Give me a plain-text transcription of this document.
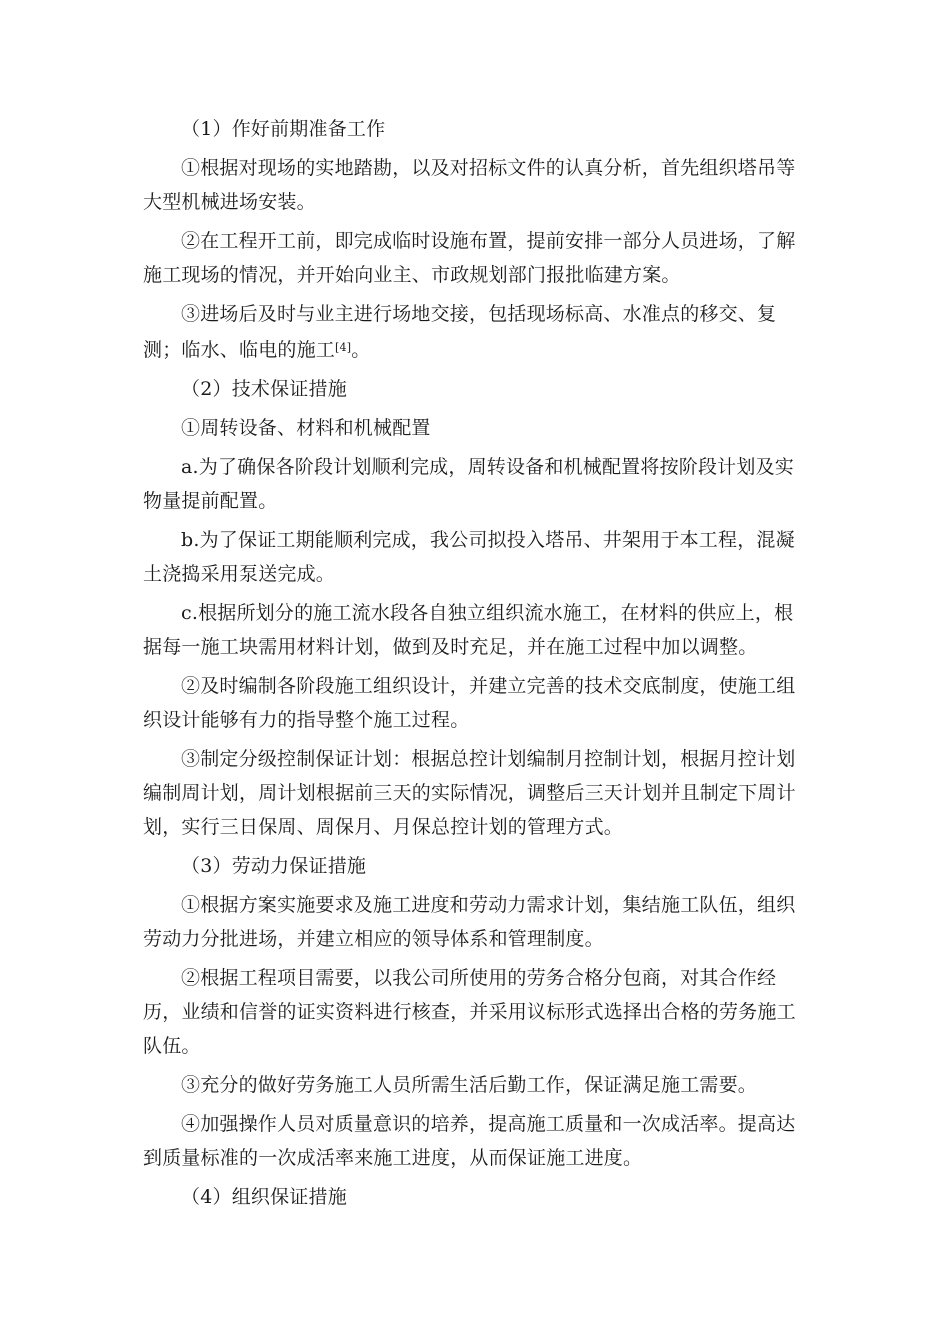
（1）作好前期准备工作

①根据对现场的实地踏勘，以及对招标文件的认真分析，首先组织塔吊等
大型机械进场安装。

②在工程开工前，即完成临时设施布置，提前安排一部分人员进场，了解
施工现场的情况，并开始向业主、市政规划部门报批临建方案。

③进场后及时与业主进行场地交接，包括现场标高、水准点的移交、复
测；临水、临电的施工[4]。

（2）技术保证措施

①周转设备、材料和机械配置

a.为了确保各阶段计划顺利完成，周转设备和机械配置将按阶段计划及实
物量提前配置。

b.为了保证工期能顺利完成，我公司拟投入塔吊、井架用于本工程，混凝
土浇捣采用泵送完成。

c.根据所划分的施工流水段各自独立组织流水施工，在材料的供应上，根
据每一施工块需用材料计划，做到及时充足，并在施工过程中加以调整。

②及时编制各阶段施工组织设计，并建立完善的技术交底制度，使施工组
织设计能够有力的指导整个施工过程。

③制定分级控制保证计划：根据总控计划编制月控制计划，根据月控计划
编制周计划，周计划根据前三天的实际情况，调整后三天计划并且制定下周计
划，实行三日保周、周保月、月保总控计划的管理方式。

（3）劳动力保证措施

①根据方案实施要求及施工进度和劳动力需求计划，集结施工队伍，组织
劳动力分批进场，并建立相应的领导体系和管理制度。

②根据工程项目需要，以我公司所使用的劳务合格分包商，对其合作经
历，业绩和信誉的证实资料进行核查，并采用议标形式选择出合格的劳务施工
队伍。

③充分的做好劳务施工人员所需生活后勤工作，保证满足施工需要。

④加强操作人员对质量意识的培养，提高施工质量和一次成活率。提高达
到质量标准的一次成活率来施工进度，从而保证施工进度。

（4）组织保证措施
